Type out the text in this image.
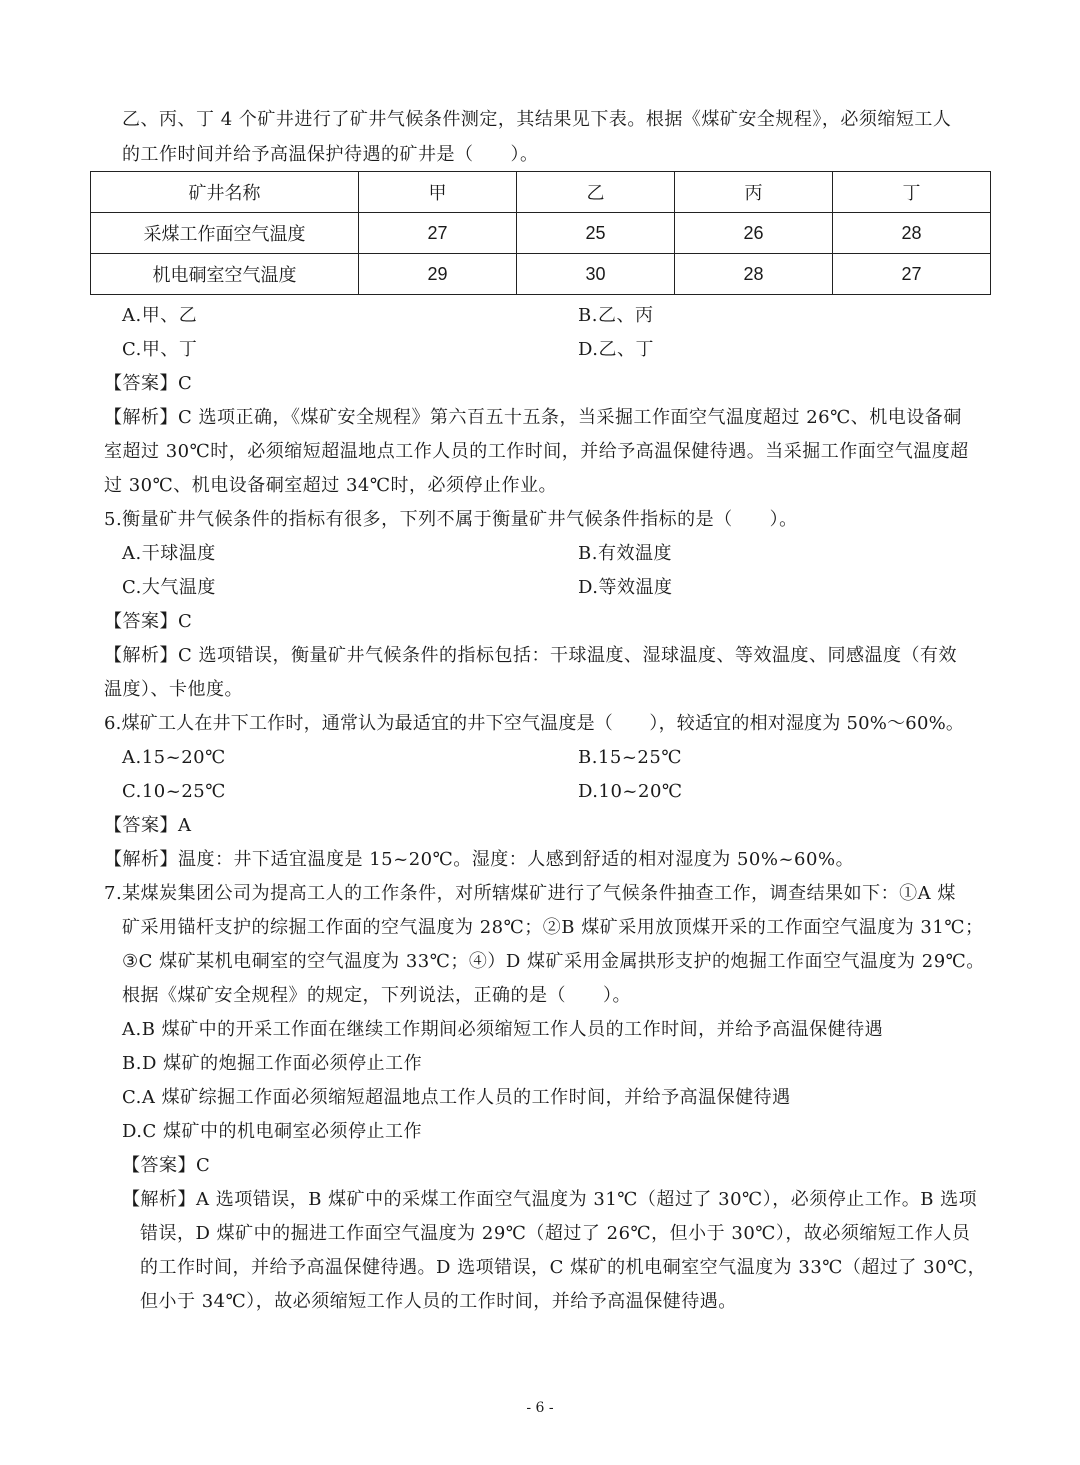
乙、丙、丁 4 个矿井进行了矿井气候条件测定，其结果见下表。根据《煤矿安全规程》，必须缩短工人
的工作时间并给予高温保护待遇的矿井是（　　）。
矿井名称	甲	乙	丙	丁
采煤工作面空气温度	27	25	26	28
机电硐室空气温度	29	30	28	27
A.甲、乙	B.乙、丙
C.甲、丁	D.乙、丁
【答案】C
【解析】C 选项正确，《煤矿安全规程》第六百五十五条，当采掘工作面空气温度超过 26℃、机电设备硐
室超过 30℃时，必须缩短超温地点工作人员的工作时间，并给予高温保健待遇。当采掘工作面空气温度超
过 30℃、机电设备硐室超过 34℃时，必须停止作业。
5.衡量矿井气候条件的指标有很多，下列不属于衡量矿井气候条件指标的是（　　）。
A.干球温度	B.有效温度
C.大气温度	D.等效温度
【答案】C
【解析】C 选项错误，衡量矿井气候条件的指标包括：干球温度、湿球温度、等效温度、同感温度（有效
温度）、卡他度。
6.煤矿工人在井下工作时，通常认为最适宜的井下空气温度是（　　），较适宜的相对湿度为 50%～60%。
A.15~20℃	B.15~25℃
C.10~25℃	D.10~20℃
【答案】A
【解析】温度：井下适宜温度是 15~20℃。湿度：人感到舒适的相对湿度为 50%~60%。
7.某煤炭集团公司为提高工人的工作条件，对所辖煤矿进行了气候条件抽查工作，调查结果如下：①A 煤
矿采用锚杆支护的综掘工作面的空气温度为 28℃；②B 煤矿采用放顶煤开采的工作面空气温度为 31℃；
③C 煤矿某机电硐室的空气温度为 33℃；④）D 煤矿采用金属拱形支护的炮掘工作面空气温度为 29℃。
根据《煤矿安全规程》的规定，下列说法，正确的是（　　）。
A.B 煤矿中的开采工作面在继续工作期间必须缩短工作人员的工作时间，并给予高温保健待遇
B.D 煤矿的炮掘工作面必须停止工作
C.A 煤矿综掘工作面必须缩短超温地点工作人员的工作时间，并给予高温保健待遇
D.C 煤矿中的机电硐室必须停止工作
【答案】C
【解析】A 选项错误，B 煤矿中的采煤工作面空气温度为 31℃（超过了 30℃），必须停止工作。B 选项
错误，D 煤矿中的掘进工作面空气温度为 29℃（超过了 26℃，但小于 30℃），故必须缩短工作人员
的工作时间，并给予高温保健待遇。D 选项错误，C 煤矿的机电硐室空气温度为 33℃（超过了 30℃，
但小于 34℃），故必须缩短工作人员的工作时间，并给予高温保健待遇。
- 6 -
